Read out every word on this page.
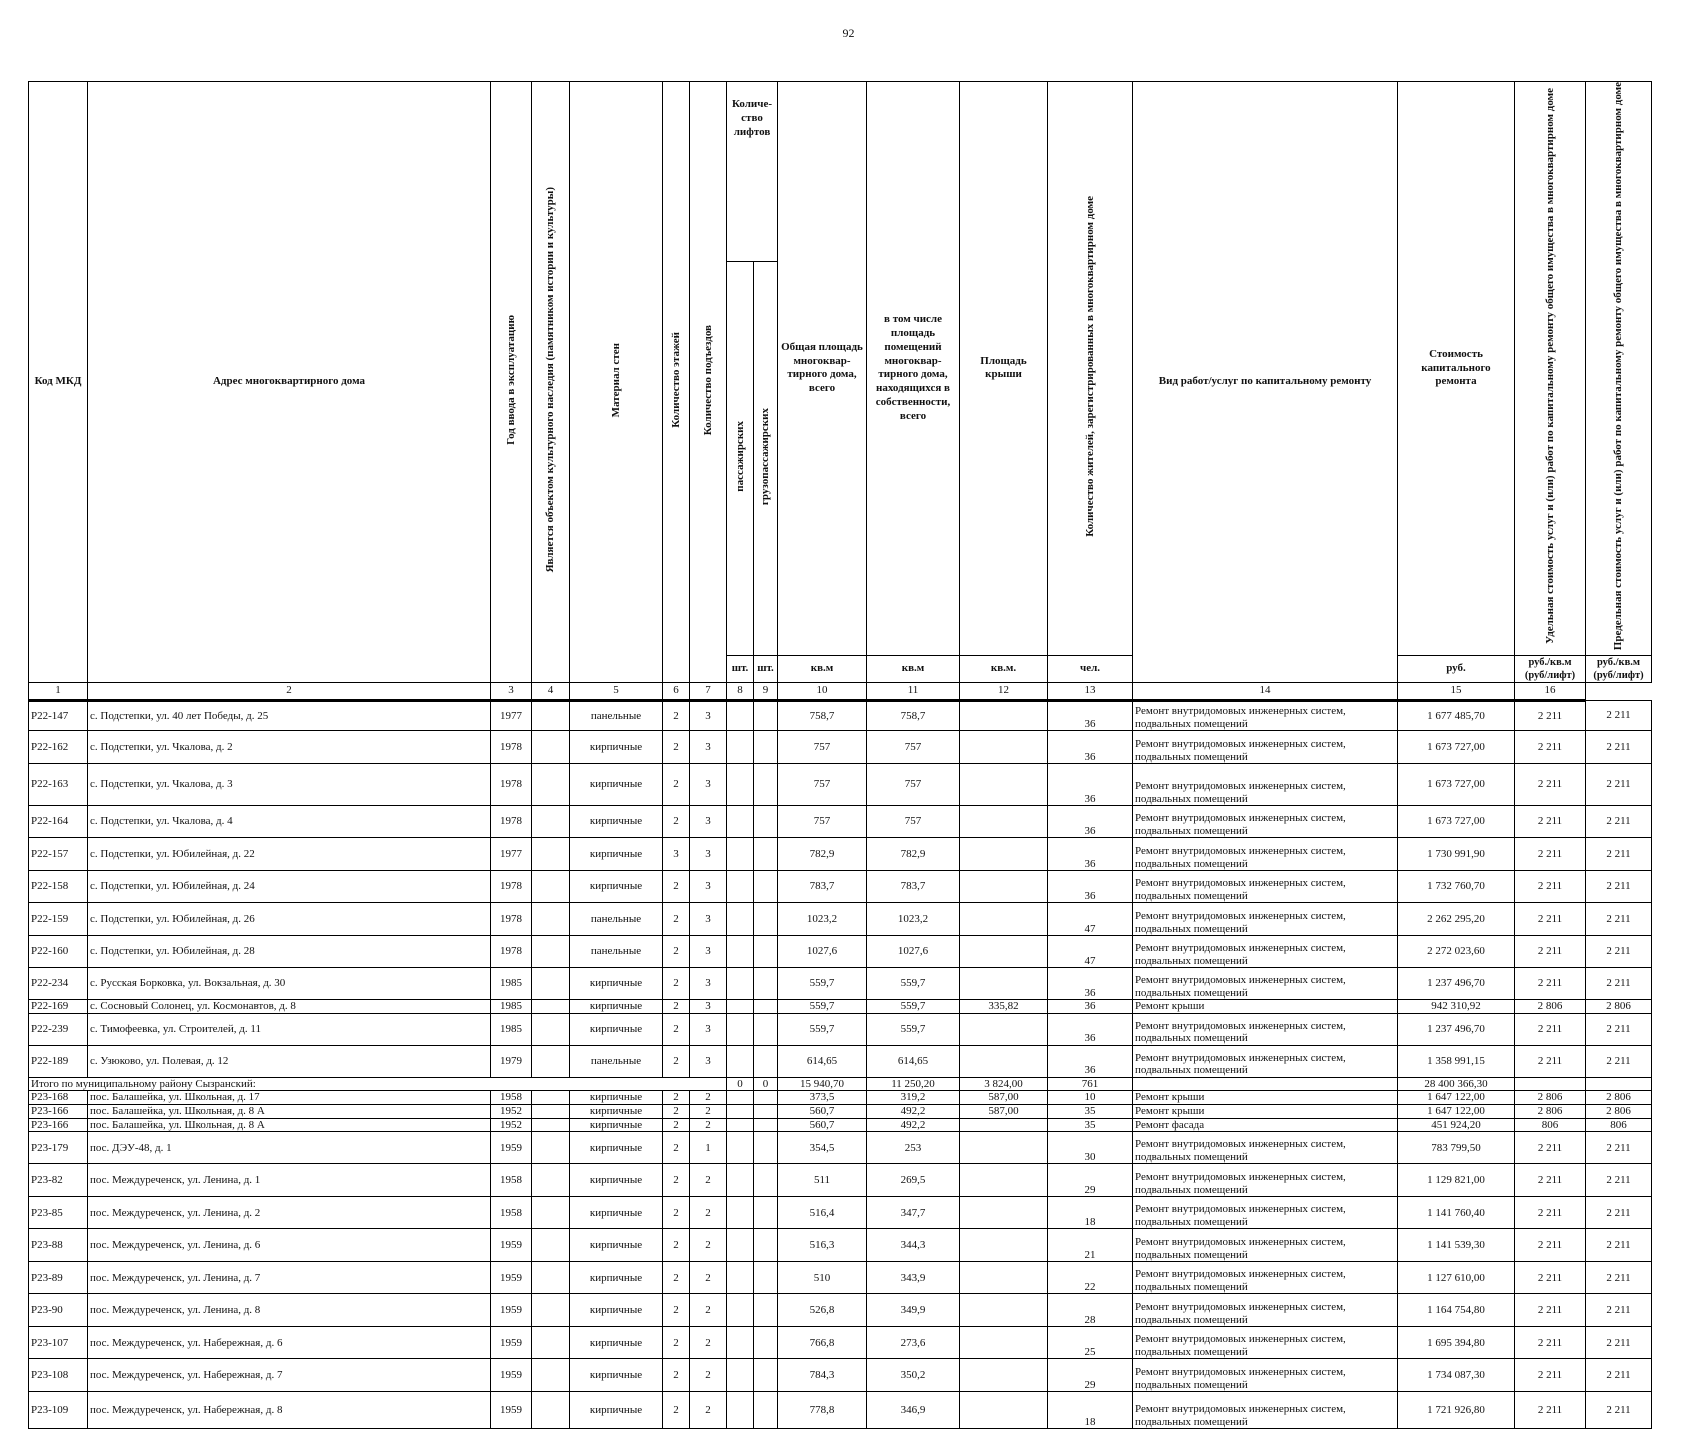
92
Код МКД	Адрес многоквартирного дома	Год ввода в эксплуатацию	Является объектом культурного наследия (памятником истории и культуры)	Материал стен	Количество этажей	Количество подъездов	Количе-ство лифтов		Общая площадь многоквар-тирного дома, всего	в том числе площадь помещений многоквар-тирного дома, находящихся в собственности, всего	Площадь крыши	Количество жителей, зарегистрированных в многоквартирном доме	Вид работ/услуг по капитальному ремонту	Стоимость капитального ремонта	Удельная стоимость услуг и (или) работ по капитальному ремонту общего имущества в многоквартирном доме	Предельная стоимость услуг и (или) работ по капитальному ремонту общего имущества в многоквартирном доме
							пассажирских	грузопассажирских								
							шт.	шт.	кв.м	кв.м	кв.м.	чел.		руб.	руб./кв.м (руб/лифт)	руб./кв.м (руб/лифт)
1	2	3	4	5	6	7	8	9	10	11	12	13	14	15	16	
Р22-147	с. Подстепки, ул. 40 лет Победы, д. 25	1977		панельные	2	3			758,7	758,7		36	Ремонт внутридомовых инженерных систем, подвальных помещений	1 677 485,70	2 211	2 211
Р22-162	с. Подстепки, ул. Чкалова, д. 2	1978		кирпичные	2	3			757	757		36	Ремонт внутридомовых инженерных систем, подвальных помещений	1 673 727,00	2 211	2 211
Р22-163	с. Подстепки, ул. Чкалова, д. 3	1978		кирпичные	2	3			757	757		36	Ремонт внутридомовых инженерных систем, подвальных помещений	1 673 727,00	2 211	2 211
Р22-164	с. Подстепки, ул. Чкалова, д. 4	1978		кирпичные	2	3			757	757		36	Ремонт внутридомовых инженерных систем, подвальных помещений	1 673 727,00	2 211	2 211
Р22-157	с. Подстепки, ул. Юбилейная, д. 22	1977		кирпичные	3	3			782,9	782,9		36	Ремонт внутридомовых инженерных систем, подвальных помещений	1 730 991,90	2 211	2 211
Р22-158	с. Подстепки, ул. Юбилейная, д. 24	1978		кирпичные	2	3			783,7	783,7		36	Ремонт внутридомовых инженерных систем, подвальных помещений	1 732 760,70	2 211	2 211
Р22-159	с. Подстепки, ул. Юбилейная, д. 26	1978		панельные	2	3			1023,2	1023,2		47	Ремонт внутридомовых инженерных систем, подвальных помещений	2 262 295,20	2 211	2 211
Р22-160	с. Подстепки, ул. Юбилейная, д. 28	1978		панельные	2	3			1027,6	1027,6		47	Ремонт внутридомовых инженерных систем, подвальных помещений	2 272 023,60	2 211	2 211
Р22-234	с. Русская Борковка, ул. Вокзальная, д. 30	1985		кирпичные	2	3			559,7	559,7		36	Ремонт внутридомовых инженерных систем, подвальных помещений	1 237 496,70	2 211	2 211
Р22-169	с. Сосновый Солонец, ул. Космонавтов, д. 8	1985		кирпичные	2	3			559,7	559,7	335,82	36	Ремонт крыши	942 310,92	2 806	2 806
Р22-239	с. Тимофеевка, ул. Строителей, д. 11	1985		кирпичные	2	3			559,7	559,7		36	Ремонт внутридомовых инженерных систем, подвальных помещений	1 237 496,70	2 211	2 211
Р22-189	с. Узюково, ул. Полевая, д. 12	1979		панельные	2	3			614,65	614,65		36	Ремонт внутридомовых инженерных систем, подвальных помещений	1 358 991,15	2 211	2 211
Итого по муниципальному району Сызранский:							0	0	15 940,70	11 250,20	3 824,00	761		28 400 366,30		
Р23-168	пос. Балашейка, ул. Школьная, д. 17	1958		кирпичные	2	2			373,5	319,2	587,00	10	Ремонт крыши	1 647 122,00	2 806	2 806
Р23-166	пос. Балашейка, ул. Школьная, д. 8 А	1952		кирпичные	2	2			560,7	492,2	587,00	35	Ремонт крыши	1 647 122,00	2 806	2 806
Р23-166	пос. Балашейка, ул. Школьная, д. 8 А	1952		кирпичные	2	2			560,7	492,2		35	Ремонт фасада	451 924,20	806	806
Р23-179	пос. ДЭУ-48, д. 1	1959		кирпичные	2	1			354,5	253		30	Ремонт внутридомовых инженерных систем, подвальных помещений	783 799,50	2 211	2 211
Р23-82	пос. Междуреченск, ул. Ленина, д. 1	1958		кирпичные	2	2			511	269,5		29	Ремонт внутридомовых инженерных систем, подвальных помещений	1 129 821,00	2 211	2 211
Р23-85	пос. Междуреченск, ул. Ленина, д. 2	1958		кирпичные	2	2			516,4	347,7		18	Ремонт внутридомовых инженерных систем, подвальных помещений	1 141 760,40	2 211	2 211
Р23-88	пос. Междуреченск, ул. Ленина, д. 6	1959		кирпичные	2	2			516,3	344,3		21	Ремонт внутридомовых инженерных систем, подвальных помещений	1 141 539,30	2 211	2 211
Р23-89	пос. Междуреченск, ул. Ленина, д. 7	1959		кирпичные	2	2			510	343,9		22	Ремонт внутридомовых инженерных систем, подвальных помещений	1 127 610,00	2 211	2 211
Р23-90	пос. Междуреченск, ул. Ленина, д. 8	1959		кирпичные	2	2			526,8	349,9		28	Ремонт внутридомовых инженерных систем, подвальных помещений	1 164 754,80	2 211	2 211
Р23-107	пос. Междуреченск, ул. Набережная, д. 6	1959		кирпичные	2	2			766,8	273,6		25	Ремонт внутридомовых инженерных систем, подвальных помещений	1 695 394,80	2 211	2 211
Р23-108	пос. Междуреченск, ул. Набережная, д. 7	1959		кирпичные	2	2			784,3	350,2		29	Ремонт внутридомовых инженерных систем, подвальных помещений	1 734 087,30	2 211	2 211
Р23-109	пос. Междуреченск, ул. Набережная, д. 8	1959		кирпичные	2	2			778,8	346,9		18	Ремонт внутридомовых инженерных систем, подвальных помещений	1 721 926,80	2 211	2 211
